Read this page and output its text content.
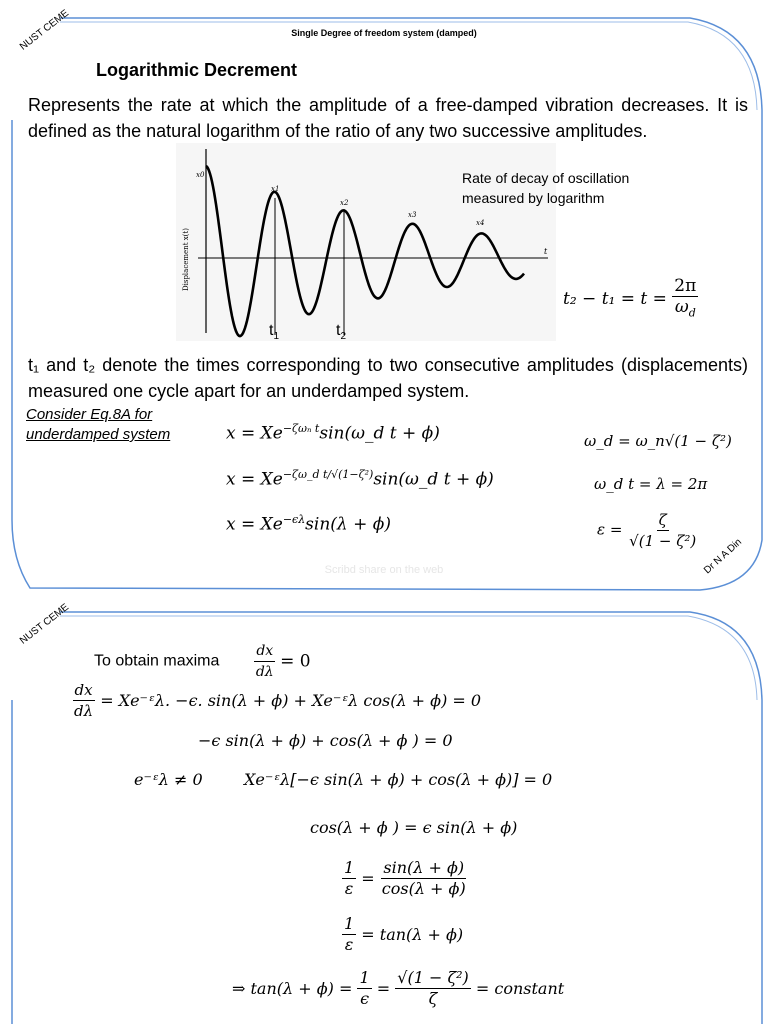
Single Degree of freedom system (damped)
NUST CEME
Dr N A Din
Logarithmic Decrement
Represents the rate at which the amplitude of a free-damped vibration decreases. It is defined as the natural logarithm of the ratio of any two successive amplitudes.
Displacement x(t)	t
x0
x1
x2
x3
x4
Rate of decay of oscillation
measured by logarithm
$t_1$	$t_2$
$t_2 - t_1 = t = \frac{2\pi}{\omega_d}$
t₁ and t₂ denote the times corresponding to two consecutive amplitudes (displacements) measured one cycle apart for an underdamped system.
Consider Eq.8A for
underdamped system	$x = Xe^{-\zeta\omega_n t}\sin(\omega\_d$ t + ϕ)
$x = Xe^{-\zeta\omega\_d t/√(1-\zeta^2)}\sin(\omega\_d$ t + ϕ)
$x = Xe^{-\epsilon\lambda}\sin(\lambda + \phi)$
ω_d = ω_n√(1 − ζ²)
ω_d t = λ = 2π
$\varepsilon = \frac{\zeta}{\text{√(1 − ζ²)}}$
Scribd share on the web
NUST CEME
To obtain maxima $\frac{dx}{d\lambda} = 0$
$\frac{dx}{d\lambda}$ = Xe⁻ᵋλ. −ϵ. sin(λ + ϕ) + Xe⁻ᵋλ cos(λ + ϕ) = 0
−ϵ sin(λ + ϕ) + cos(λ + ϕ ) = 0
e⁻ᵋλ ≠ 0	Xe⁻ᵋλ[−ϵ sin(λ + ϕ) + cos(λ + ϕ)] = 0
cos(λ + ϕ ) = ϵ sin(λ + ϕ)
$\frac{1}{\varepsilon} = \frac{\sin(\lambda + \phi)}{\cos(\lambda + \phi)}$
$\frac{1}{\varepsilon} = \tan(\lambda + \phi)$
⇒ $\tan(\lambda + \phi) = \frac{1}{\epsilon} = \frac{\text{√(1 − ζ²)}}{\zeta}$ = constant
